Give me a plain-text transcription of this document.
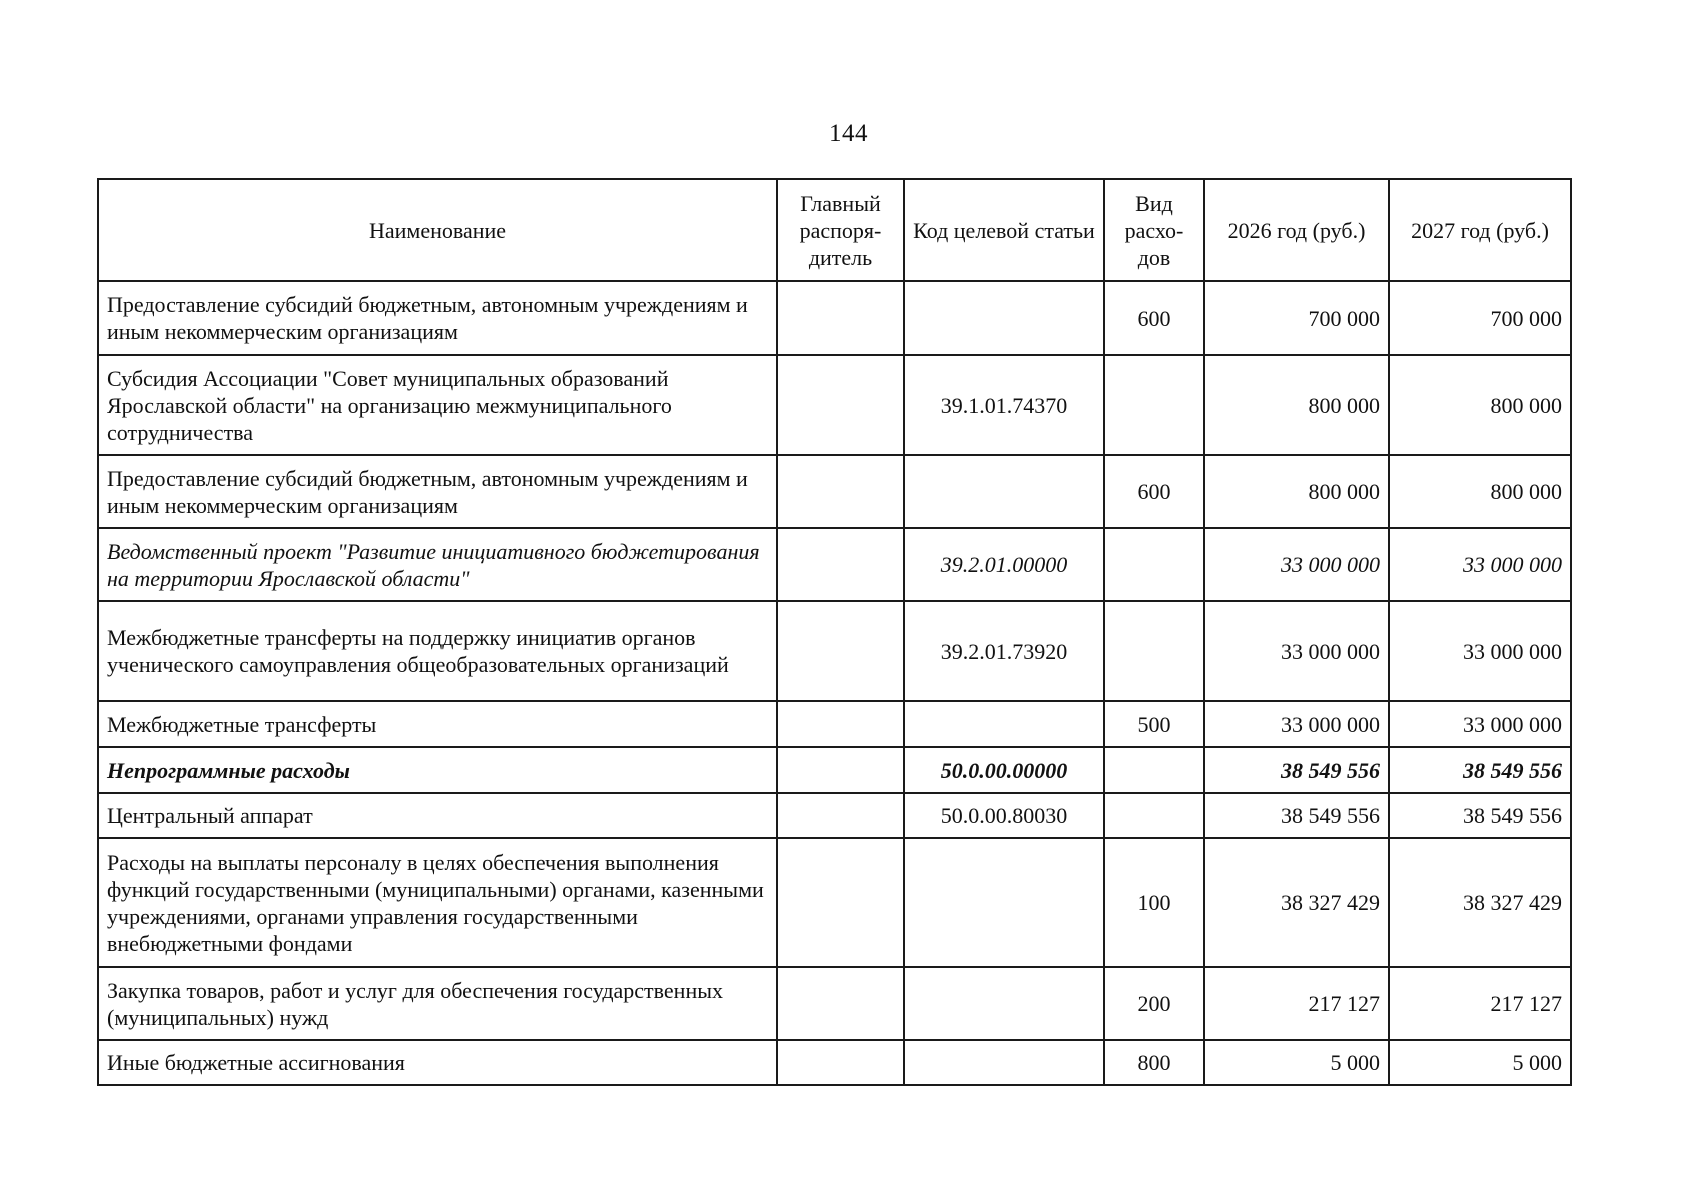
144
Наименование	Главный распоря-дитель	Код целевой статьи	Вид расхо-дов	2026 год (руб.)	2027 год (руб.)
Предоставление субсидий бюджетным, автономным учреждениям и иным некоммерческим организациям			600	700 000	700 000
Субсидия Ассоциации "Совет муниципальных образований Ярославской области" на организацию межмуниципального сотрудничества		39.1.01.74370		800 000	800 000
Предоставление субсидий бюджетным, автономным учреждениям и иным некоммерческим организациям			600	800 000	800 000
Ведомственный проект "Развитие инициативного бюджетирования на территории Ярославской области"		39.2.01.00000		33 000 000	33 000 000
Межбюджетные трансферты на поддержку инициатив органов ученического самоуправления общеобразовательных организаций		39.2.01.73920		33 000 000	33 000 000
Межбюджетные трансферты			500	33 000 000	33 000 000
Непрограммные расходы		50.0.00.00000		38 549 556	38 549 556
Центральный аппарат		50.0.00.80030		38 549 556	38 549 556
Расходы на выплаты персоналу в целях обеспечения выполнения функций государственными (муниципальными) органами, казенными учреждениями, органами управления государственными внебюджетными фондами			100	38 327 429	38 327 429
Закупка товаров, работ и услуг для обеспечения государственных (муниципальных) нужд			200	217 127	217 127
Иные бюджетные ассигнования			800	5 000	5 000
